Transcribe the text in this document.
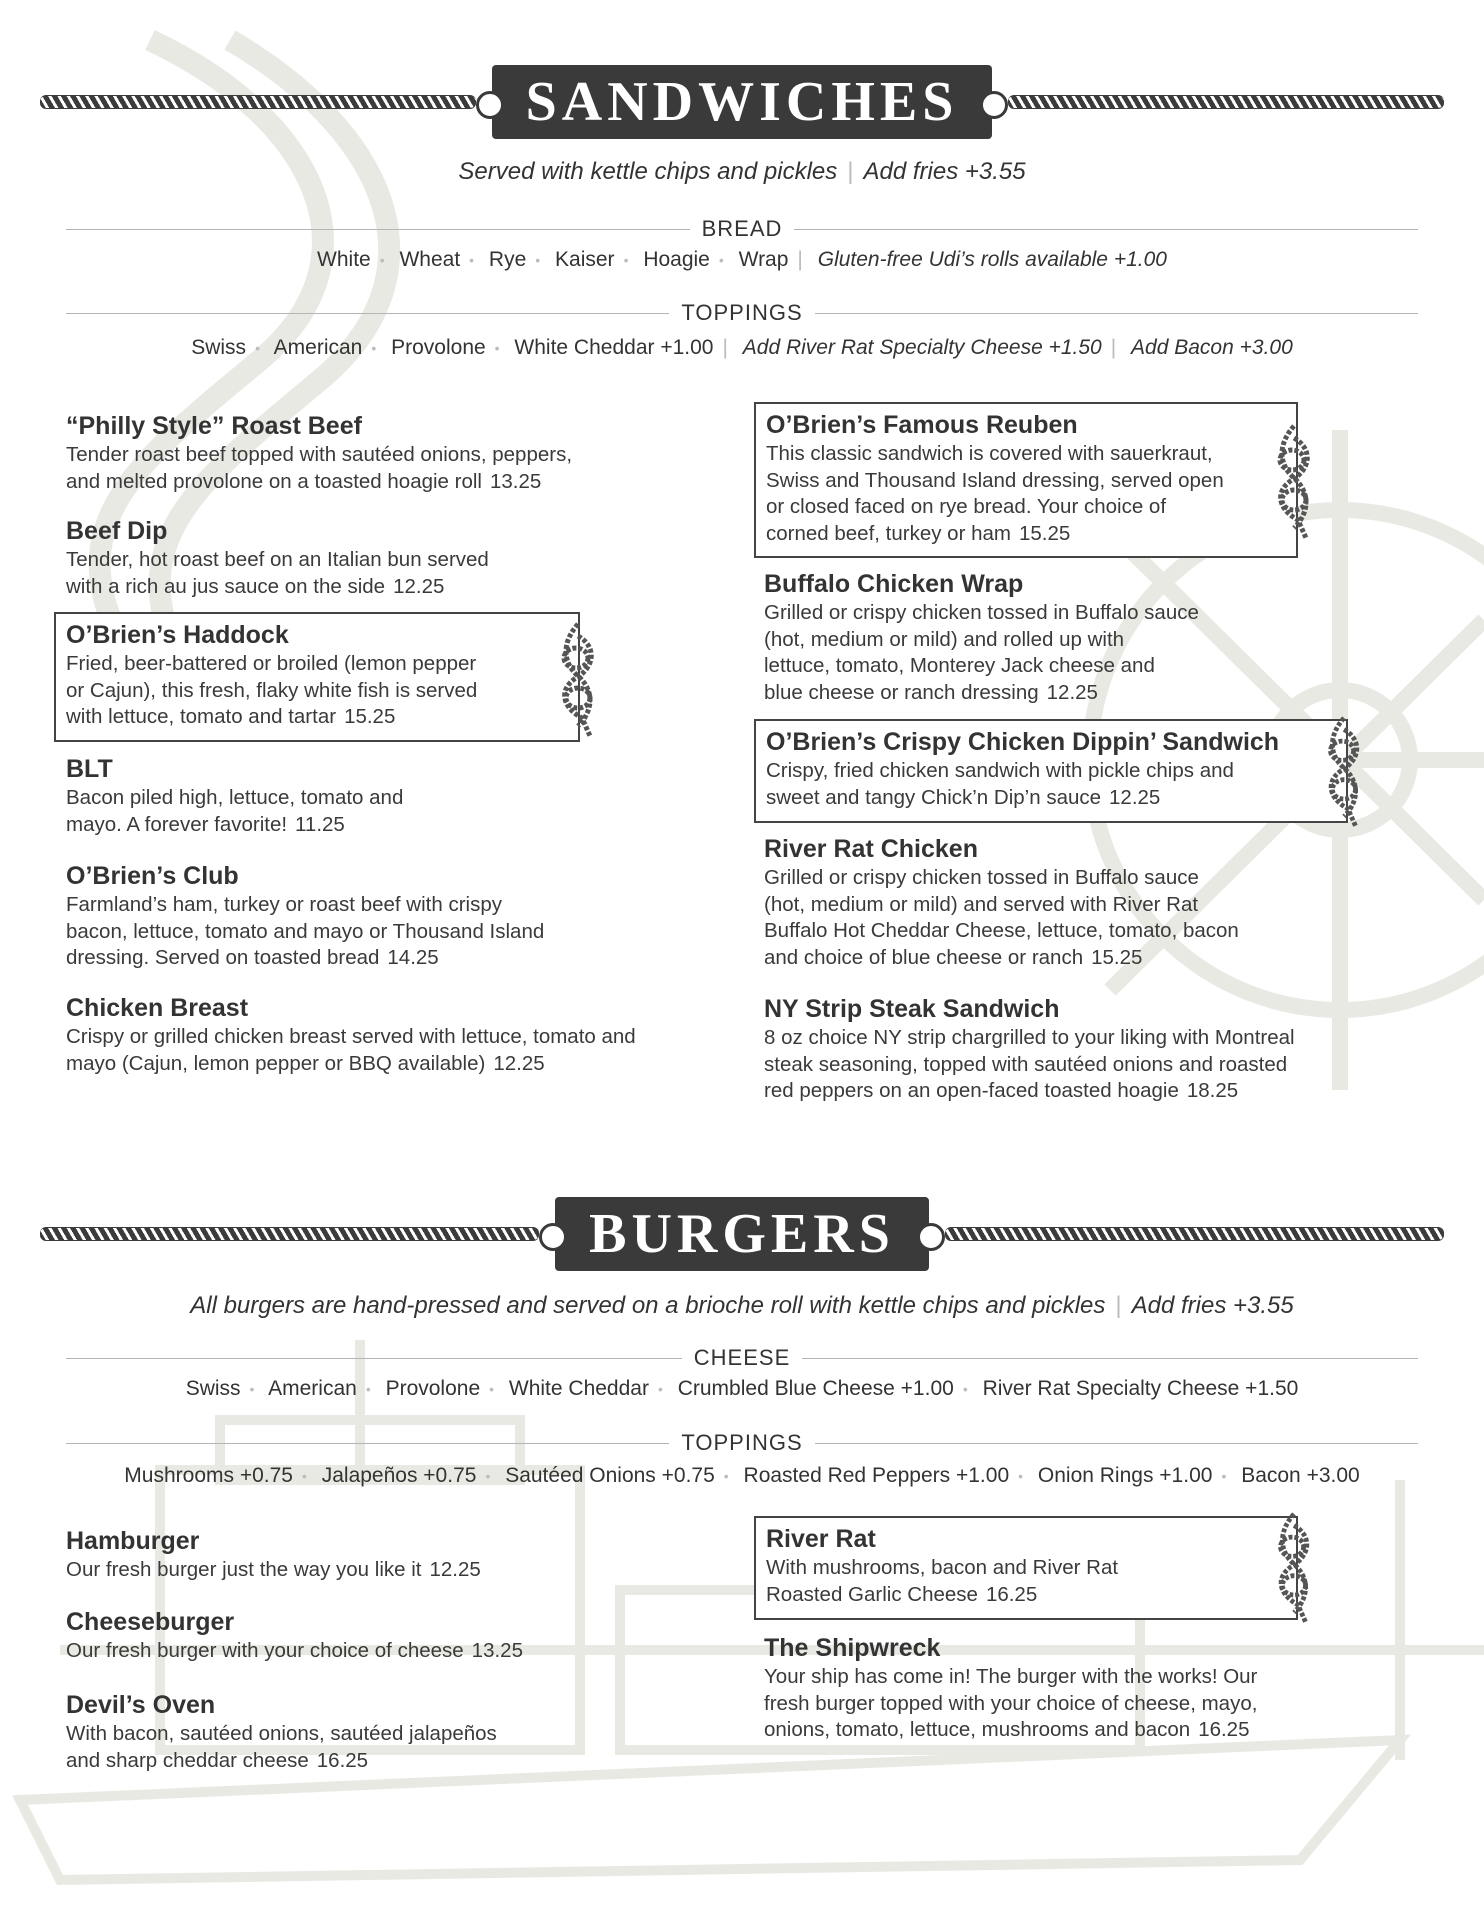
SANDWICHES
Served with kettle chips and pickles | Add fries +3.55
BREAD
White • Wheat • Rye • Kaiser • Hoagie • Wrap | Gluten-free Udi’s rolls available +1.00
TOPPINGS
Swiss • American • Provolone • White Cheddar +1.00 | Add River Rat Specialty Cheese +1.50 | Add Bacon +3.00
“Philly Style” Roast Beef
Tender roast beef topped with sautéed onions, peppers,
and melted provolone on a toasted hoagie roll 13.25
Beef Dip
Tender, hot roast beef on an Italian bun served
with a rich au jus sauce on the side 12.25
O’Brien’s Haddock
Fried, beer-battered or broiled (lemon pepper
or Cajun), this fresh, flaky white fish is served
with lettuce, tomato and tartar 15.25
BLT
Bacon piled high, lettuce, tomato and
mayo. A forever favorite! 11.25
O’Brien’s Club
Farmland’s ham, turkey or roast beef with crispy
bacon, lettuce, tomato and mayo or Thousand Island
dressing. Served on toasted bread 14.25
Chicken Breast
Crispy or grilled chicken breast served with lettuce, tomato and
mayo (Cajun, lemon pepper or BBQ available) 12.25
O’Brien’s Famous Reuben
This classic sandwich is covered with sauerkraut,
Swiss and Thousand Island dressing, served open
or closed faced on rye bread. Your choice of
corned beef, turkey or ham 15.25
Buffalo Chicken Wrap
Grilled or crispy chicken tossed in Buffalo sauce
(hot, medium or mild) and rolled up with
lettuce, tomato, Monterey Jack cheese and
blue cheese or ranch dressing 12.25
O’Brien’s Crispy Chicken Dippin’ Sandwich
Crispy, fried chicken sandwich with pickle chips and
sweet and tangy Chick’n Dip’n sauce 12.25
River Rat Chicken
Grilled or crispy chicken tossed in Buffalo sauce
(hot, medium or mild) and served with River Rat
Buffalo Hot Cheddar Cheese, lettuce, tomato, bacon
and choice of blue cheese or ranch 15.25
NY Strip Steak Sandwich
8 oz choice NY strip chargrilled to your liking with Montreal
steak seasoning, topped with sautéed onions and roasted
red peppers on an open-faced toasted hoagie 18.25
BURGERS
All burgers are hand-pressed and served on a brioche roll with kettle chips and pickles | Add fries +3.55
CHEESE
Swiss • American • Provolone • White Cheddar • Crumbled Blue Cheese +1.00 • River Rat Specialty Cheese +1.50
TOPPINGS
Mushrooms +0.75 • Jalapeños +0.75 • Sautéed Onions +0.75 • Roasted Red Peppers +1.00 • Onion Rings +1.00 • Bacon +3.00
Hamburger
Our fresh burger just the way you like it 12.25
Cheeseburger
Our fresh burger with your choice of cheese 13.25
Devil’s Oven
With bacon, sautéed onions, sautéed jalapeños
and sharp cheddar cheese 16.25
River Rat
With mushrooms, bacon and River Rat
Roasted Garlic Cheese 16.25
The Shipwreck
Your ship has come in! The burger with the works! Our
fresh burger topped with your choice of cheese, mayo,
onions, tomato, lettuce, mushrooms and bacon 16.25
